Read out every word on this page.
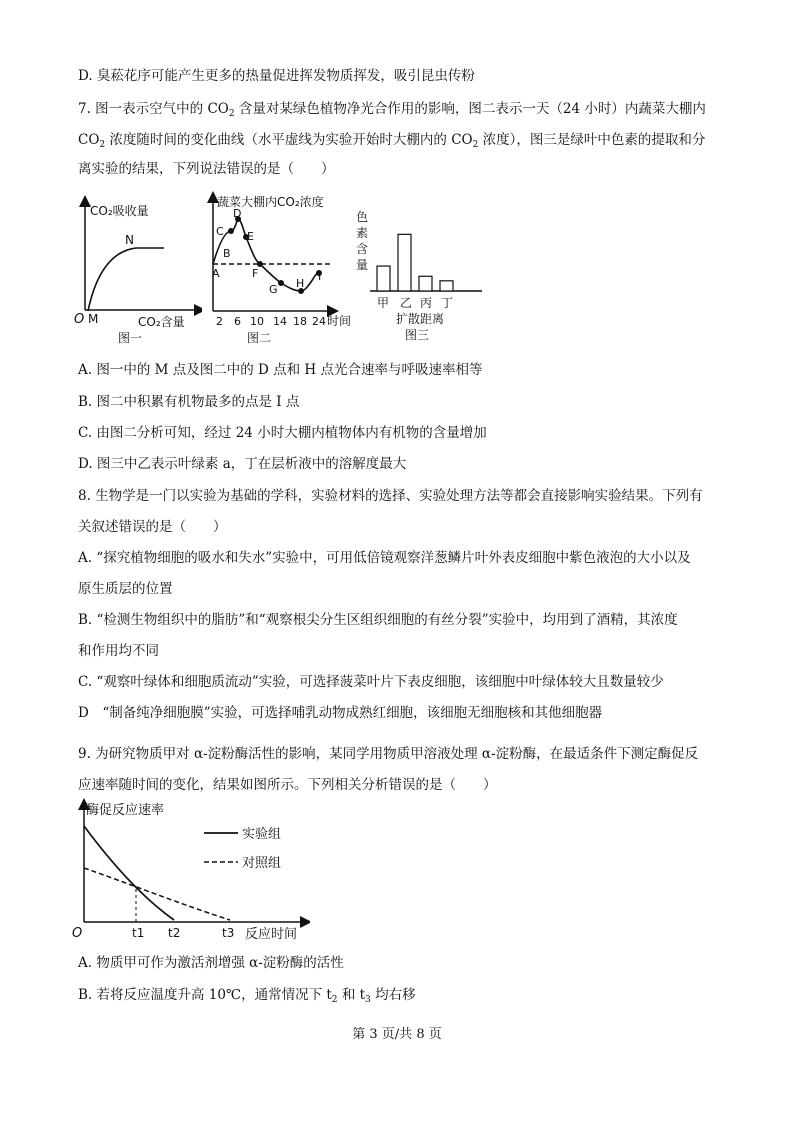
D. 臭菘花序可能产生更多的热量促进挥发物质挥发，吸引昆虫传粉
7. 图一表示空气中的 $CO_2$ 含量对某绿色植物净光合作用的影响，图二表示一天（24 小时）内蔬菜大棚内
$CO_2$ 浓度随时间的变化曲线（水平虚线为实验开始时大棚内的 $CO_2$ 浓度），图三是绿叶中色素的提取和分
离实验的结果，下列说法错误的是（　　）
CO₂吸收量
O M
N
CO₂含量
图一
蔬菜大棚内CO₂浓度
A
B
C
D
E
F
G H
I
2 6 10 14 18 24 时间
图二
色
素
含
量
甲 乙 丙 丁
扩散距离
图三
A. 图一中的 M 点及图二中的 D 点和 H 点光合速率与呼吸速率相等
B. 图二中积累有机物最多的点是 I 点
C. 由图二分析可知，经过 24 小时大棚内植物体内有机物的含量增加
D. 图三中乙表示叶绿素 a，丁在层析液中的溶解度最大
8. 生物学是一门以实验为基础的学科，实验材料的选择、实验处理方法等都会直接影响实验结果。下列有
关叙述错误的是（　　）
A. “探究植物细胞的吸水和失水”实验中，可用低倍镜观察洋葱鳞片叶外表皮细胞中紫色液泡的大小以及
原生质层的位置
B. “检测生物组织中的脂肪”和“观察根尖分生区组织细胞的有丝分裂”实验中，均用到了酒精，其浓度
和作用均不同
C. “观察叶绿体和细胞质流动”实验，可选择菠菜叶片下表皮细胞，该细胞中叶绿体较大且数量较少
D　“制备纯净细胞膜”实验，可选择哺乳动物成熟红细胞，该细胞无细胞核和其他细胞器
9. 为研究物质甲对 α-淀粉酶活性的影响，某同学用物质甲溶液处理 α-淀粉酶，在最适条件下测定酶促反
应速率随时间的变化，结果如图所示。下列相关分析错误的是（　　）
酶促反应速率
实验组
对照组
O	t1 t2	t3 反应时间
A. 物质甲可作为激活剂增强 α-淀粉酶的活性
B. 若将反应温度升高 10℃，通常情况下 $t_2$ 和 $t_3$ 均右移
第 3 页/共 8 页
